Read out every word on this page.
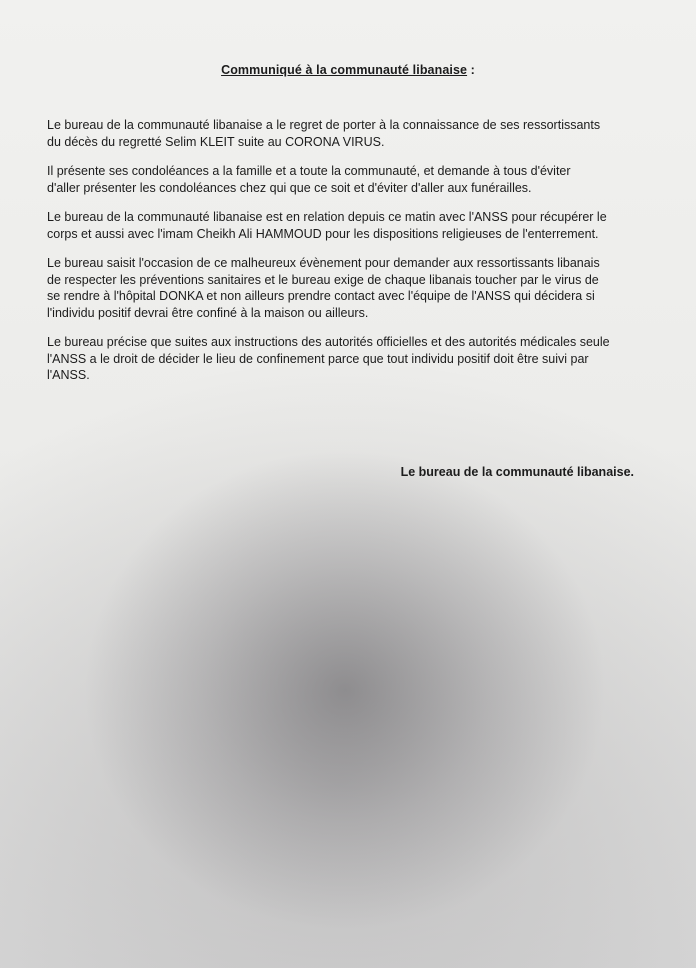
Communiqué à la communauté libanaise :

Le bureau de la communauté libanaise a le regret de porter à la connaissance de ses ressortissants
du décès du regretté Selim KLEIT suite au CORONA VIRUS.

Il présente ses condoléances a la famille et a toute la communauté, et demande à tous d'éviter
d'aller présenter les condoléances chez qui que ce soit et d'éviter d'aller aux funérailles.

Le bureau de la communauté libanaise est en relation depuis ce matin avec l'ANSS pour récupérer le
corps et aussi avec l'imam Cheikh Ali HAMMOUD pour les dispositions religieuses de l'enterrement.

Le bureau saisit l'occasion de ce malheureux évènement pour demander aux ressortissants libanais
de respecter les préventions sanitaires et le bureau exige de chaque libanais toucher par le virus de
se rendre à l'hôpital DONKA et non ailleurs prendre contact avec l'équipe de l'ANSS qui décidera si
l'individu positif devrai être confiné à la maison ou ailleurs.

Le bureau précise que suites aux instructions des autorités officielles et des autorités médicales seule
l'ANSS a le droit de décider le lieu de confinement parce que tout individu positif doit être suivi par
l'ANSS.

Le bureau de la communauté libanaise.
